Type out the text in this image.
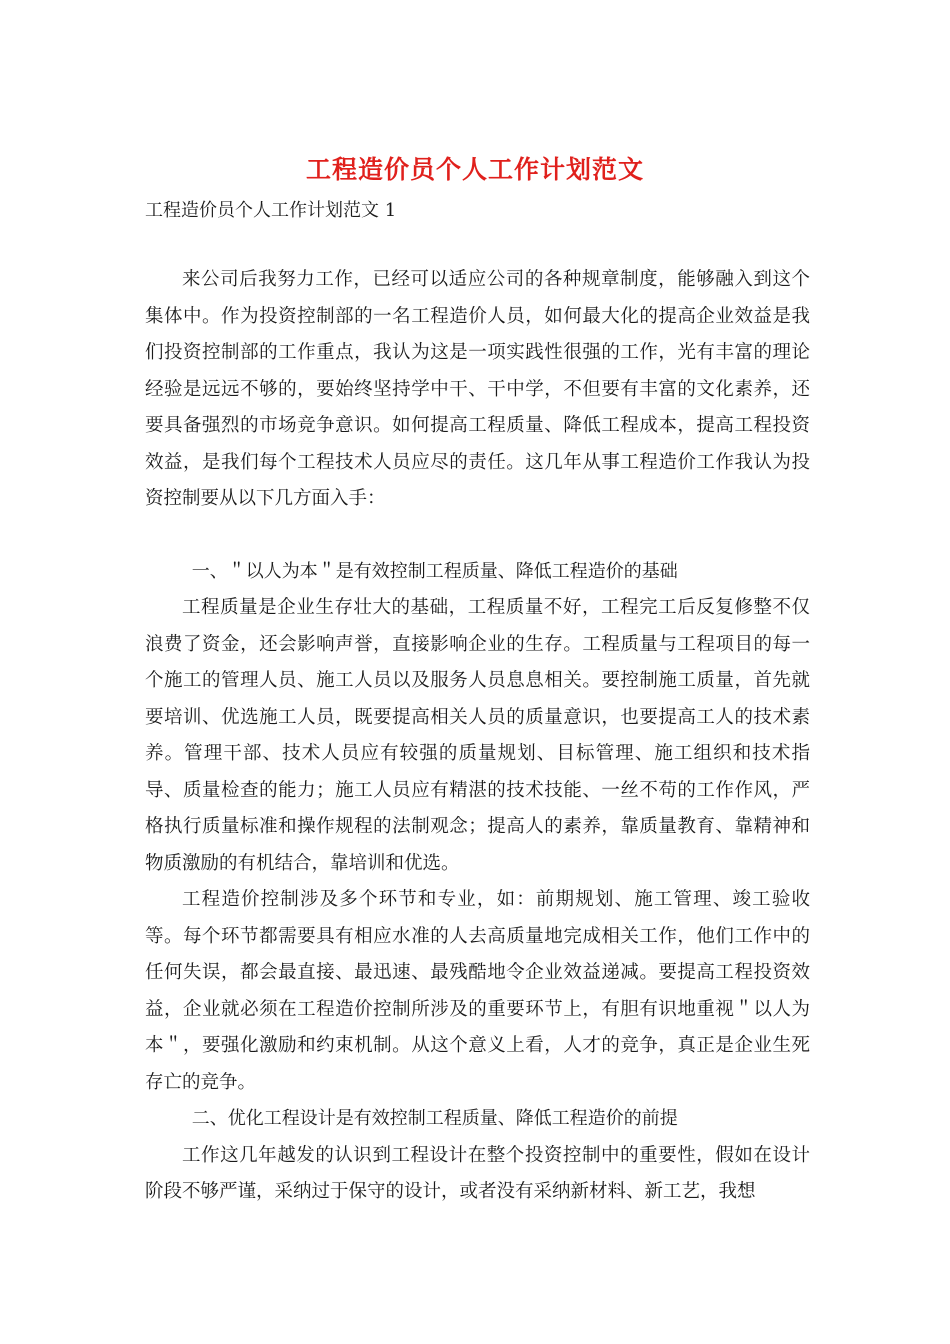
工程造价员个人工作计划范文
工程造价员个人工作计划范文 1

来公司后我努力工作，已经可以适应公司的各种规章制度，能够融入到这个集体中。作为投资控制部的一名工程造价人员，如何最大化的提高企业效益是我们投资控制部的工作重点，我认为这是一项实践性很强的工作，光有丰富的理论经验是远远不够的，要始终坚持学中干、干中学，不但要有丰富的文化素养，还要具备强烈的市场竞争意识。如何提高工程质量、降低工程成本，提高工程投资效益，是我们每个工程技术人员应尽的责任。这几年从事工程造价工作我认为投资控制要从以下几方面入手：

一、＂以人为本＂是有效控制工程质量、降低工程造价的基础

工程质量是企业生存壮大的基础，工程质量不好，工程完工后反复修整不仅浪费了资金，还会影响声誉，直接影响企业的生存。工程质量与工程项目的每一个施工的管理人员、施工人员以及服务人员息息相关。要控制施工质量，首先就要培训、优选施工人员，既要提高相关人员的质量意识，也要提高工人的技术素养。管理干部、技术人员应有较强的质量规划、目标管理、施工组织和技术指导、质量检查的能力；施工人员应有精湛的技术技能、一丝不苟的工作作风，严格执行质量标准和操作规程的法制观念；提高人的素养，靠质量教育、靠精神和物质激励的有机结合，靠培训和优选。

工程造价控制涉及多个环节和专业，如：前期规划、施工管理、竣工验收等。每个环节都需要具有相应水准的人去高质量地完成相关工作，他们工作中的任何失误，都会最直接、最迅速、最残酷地令企业效益递减。要提高工程投资效益，企业就必须在工程造价控制所涉及的重要环节上，有胆有识地重视＂以人为本＂，要强化激励和约束机制。从这个意义上看，人才的竞争，真正是企业生死存亡的竞争。

二、优化工程设计是有效控制工程质量、降低工程造价的前提

工作这几年越发的认识到工程设计在整个投资控制中的重要性，假如在设计阶段不够严谨，采纳过于保守的设计，或者没有采纳新材料、新工艺，我想
